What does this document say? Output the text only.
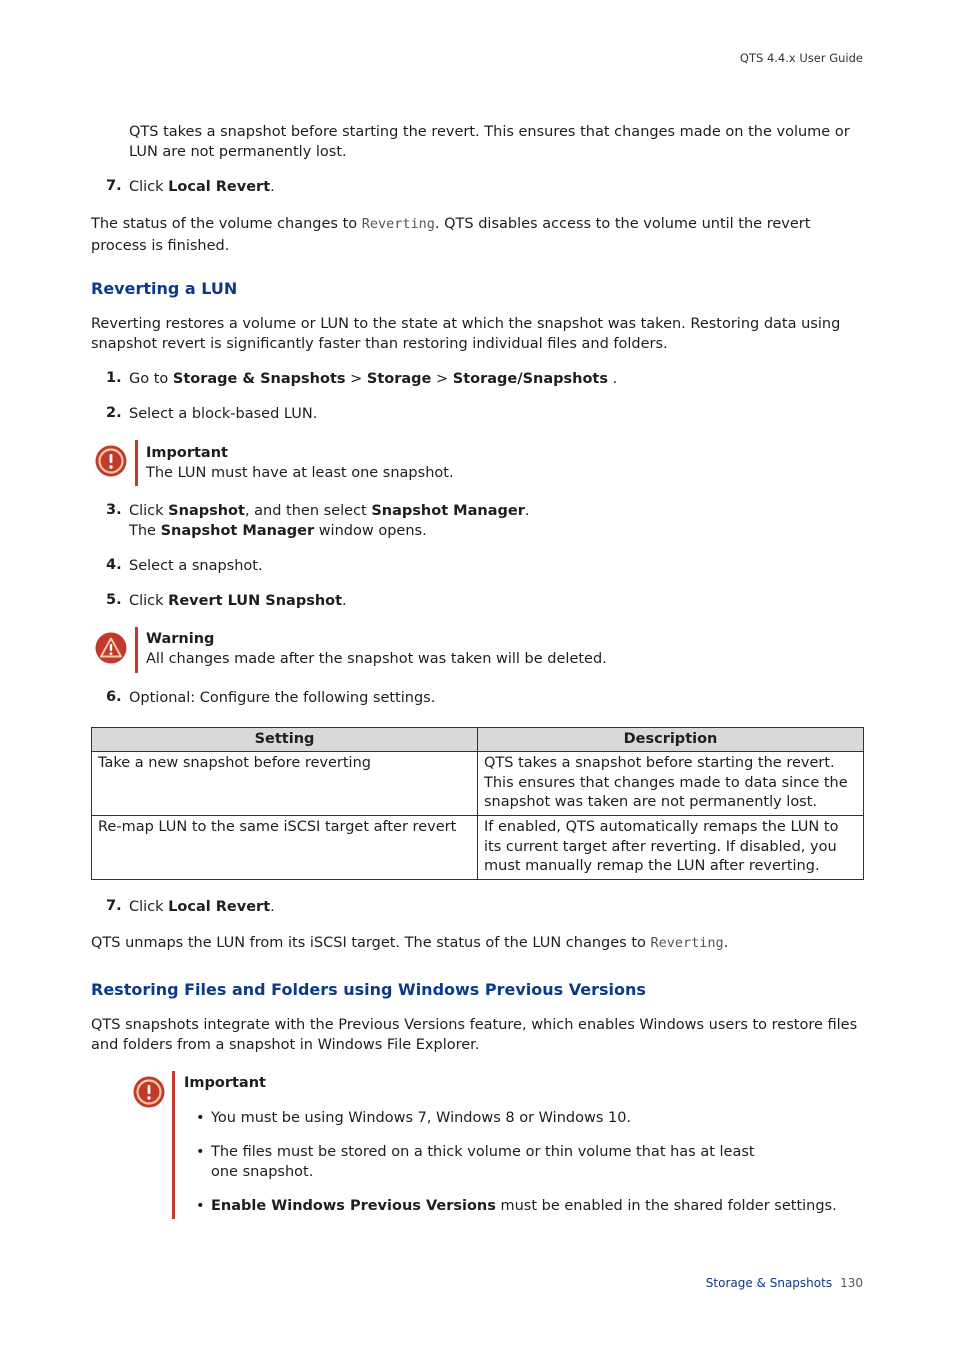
QTS 4.4.x User Guide

QTS takes a snapshot before starting the revert. This ensures that changes made on the volume or LUN are not permanently lost.

7. Click Local Revert.

The status of the volume changes to Reverting. QTS disables access to the volume until the revert process is finished.

Reverting a LUN

Reverting restores a volume or LUN to the state at which the snapshot was taken. Restoring data using snapshot revert is significantly faster than restoring individual files and folders.

1. Go to Storage & Snapshots > Storage > Storage/Snapshots .
2. Select a block-based LUN.
Important
The LUN must have at least one snapshot.
3. Click Snapshot, and then select Snapshot Manager.
The Snapshot Manager window opens.
4. Select a snapshot.
5. Click Revert LUN Snapshot.
Warning
All changes made after the snapshot was taken will be deleted.
6. Optional: Configure the following settings.
Setting	Description
Take a new snapshot before reverting	QTS takes a snapshot before starting the revert. This ensures that changes made to data since the snapshot was taken are not permanently lost.
Re-map LUN to the same iSCSI target after revert	If enabled, QTS automatically remaps the LUN to its current target after reverting. If disabled, you must manually remap the LUN after reverting.
7. Click Local Revert.

QTS unmaps the LUN from its iSCSI target. The status of the LUN changes to Reverting.

Restoring Files and Folders using Windows Previous Versions

QTS snapshots integrate with the Previous Versions feature, which enables Windows users to restore files and folders from a snapshot in Windows File Explorer.

Important
• You must be using Windows 7, Windows 8 or Windows 10.
• The files must be stored on a thick volume or thin volume that has at least one snapshot.
• Enable Windows Previous Versions must be enabled in the shared folder settings.
Storage & Snapshots 130
